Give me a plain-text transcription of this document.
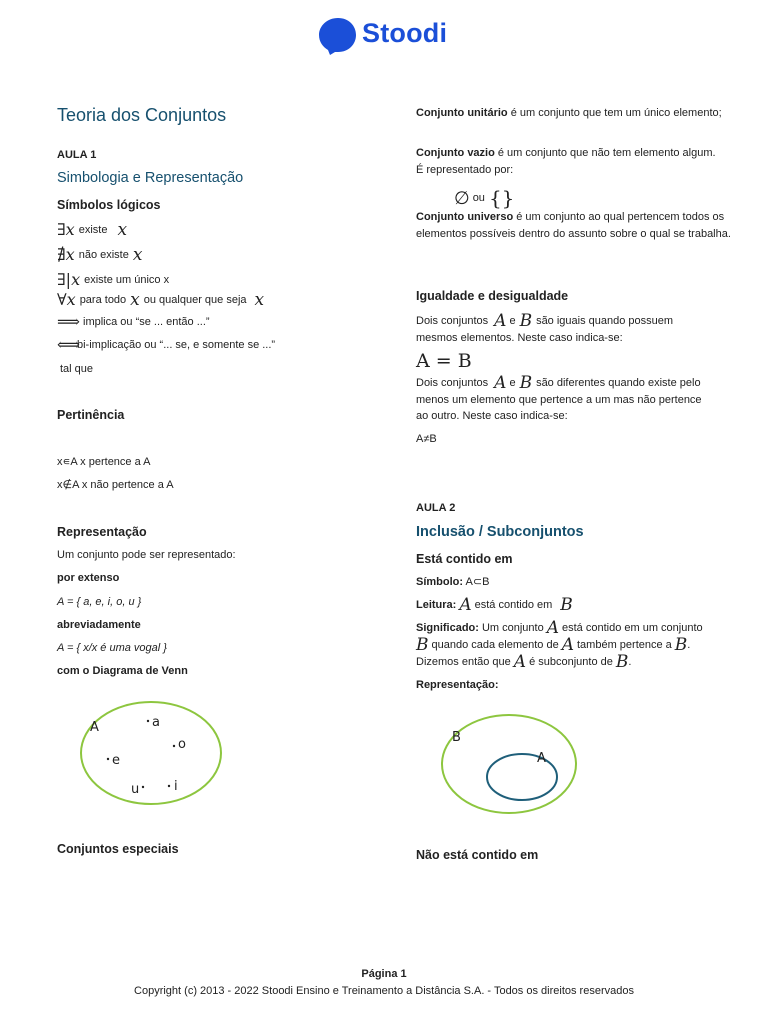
Stoodi
Teoria dos Conjuntos
AULA 1
Simbologia e Representação
Símbolos lógicos
∃x existe x
∄x não existe x
∃|x existe um único x
∀x para todo x ou qualquer que seja x
⟹ implica ou “se ... então ...”
⟺
bi-implicação ou “... se, e somente se ...”
tal que
Pertinência
x∊A x pertence a A
x∉A x não pertence a A
Representação
Um conjunto pode ser representado:
por extenso
A = { a, e, i, o, u }
abreviadamente
A = { x/x é uma vogal }
com o Diagrama de Venn
A	a
o
e
u	i
Conjuntos especiais
Conjunto unitário é um conjunto que tem um único elemento;
Conjunto vazio é um conjunto que não tem elemento algum. É representado por:
∅ ou {}
Conjunto universo é um conjunto ao qual pertencem todos os elementos possíveis dentro do assunto sobre o qual se trabalha.
Igualdade e desigualdade
Dois conjuntos A e B são iguais quando possuem
mesmos elementos. Neste caso indica-se:
A = B
Dois conjuntos A e B são diferentes quando existe pelo
menos um elemento que pertence a um mas não pertence
ao outro. Neste caso indica-se:
A≠B
AULA 2
Inclusão / Subconjuntos
Está contido em
Símbolo: A⊂B
Leitura: A está contido em B
Significado: Um conjunto A está contido em um conjunto
B quando cada elemento de A também pertence a B .
Dizemos então que A é subconjunto de B .
Representação:
B
A
Não está contido em
Página 1
Copyright (c) 2013 - 2022 Stoodi Ensino e Treinamento a Distância S.A. - Todos os direitos reservados
